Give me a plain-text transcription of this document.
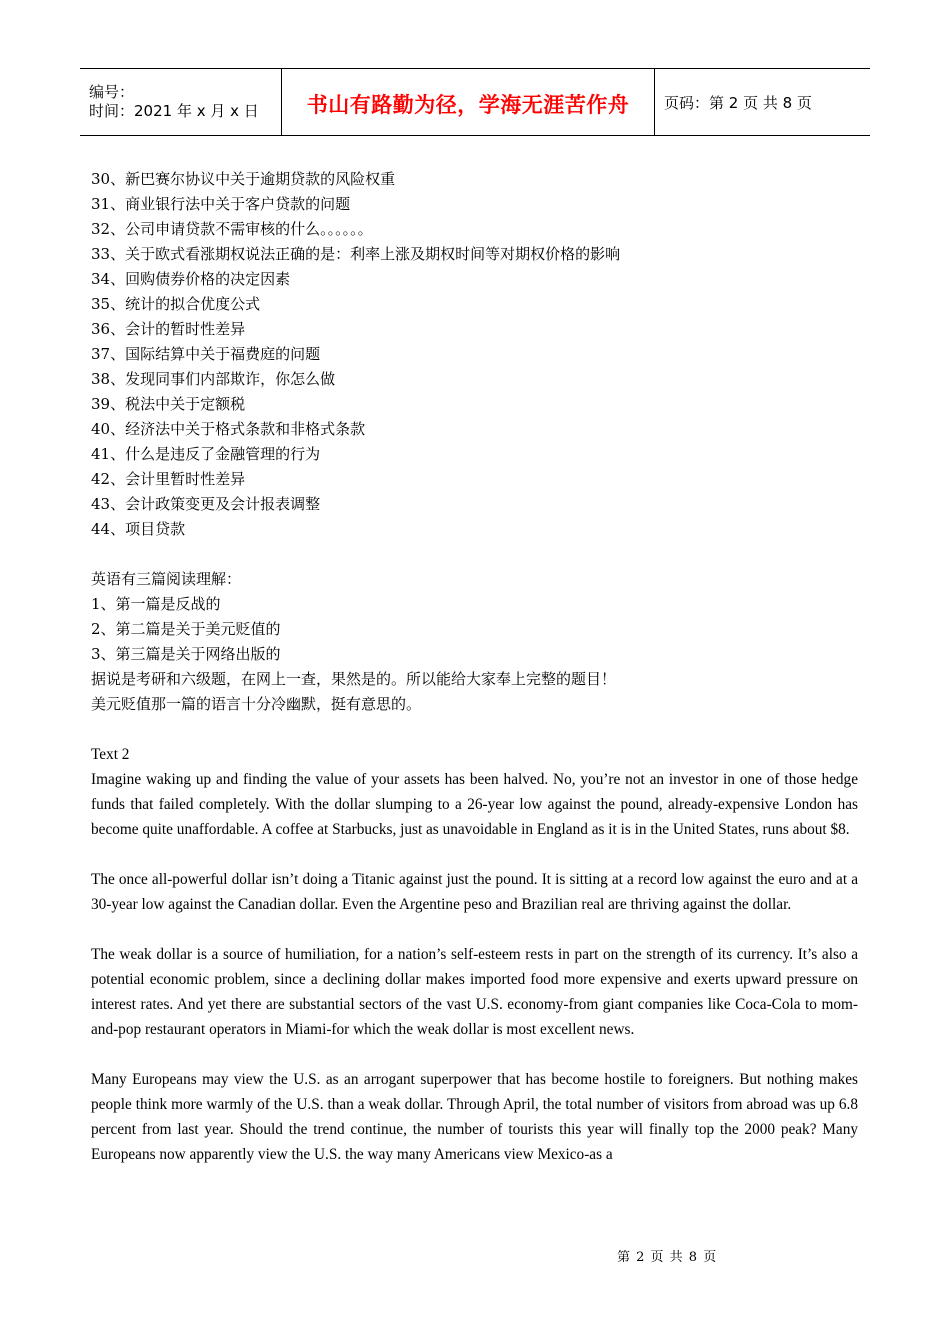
编号：
时间：2021 年 x 月 x 日	书山有路勤为径，学海无涯苦作舟 页码：第 2 页 共 8 页
30、新巴赛尔协议中关于逾期贷款的风险权重
31、商业银行法中关于客户贷款的问题
32、公司申请贷款不需审核的什么。。。。。。
33、关于欧式看涨期权说法正确的是：利率上涨及期权时间等对期权价格的影响
34、回购债券价格的决定因素
35、统计的拟合优度公式
36、会计的暂时性差异
37、国际结算中关于福费庭的问题
38、发现同事们内部欺诈，你怎么做
39、税法中关于定额税
40、经济法中关于格式条款和非格式条款
41、什么是违反了金融管理的行为
42、会计里暂时性差异
43、会计政策变更及会计报表调整
44、项目贷款
英语有三篇阅读理解：
1、第一篇是反战的
2、第二篇是关于美元贬值的
3、第三篇是关于网络出版的
据说是考研和六级题，在网上一查，果然是的。所以能给大家奉上完整的题目！
美元贬值那一篇的语言十分冷幽默，挺有意思的。
Text 2
Imagine waking up and finding the value of your assets has been halved. No, you’re not an investor in one of those hedge funds that failed completely. With the dollar slumping to a 26-year low against the pound, already-expensive London has become quite unaffordable. A coffee at Starbucks, just as unavoidable in England as it is in the United States, runs about $8.
The once all-powerful dollar isn’t doing a Titanic against just the pound. It is sitting at a record low against the euro and at a 30-year low against the Canadian dollar. Even the Argentine peso and Brazilian real are thriving against the dollar.
The weak dollar is a source of humiliation, for a nation’s self-esteem rests in part on the strength of its currency. It’s also a potential economic problem, since a declining dollar makes imported food more expensive and exerts upward pressure on interest rates. And yet there are substantial sectors of the vast U.S. economy-from giant companies like Coca-Cola to mom-and-pop restaurant operators in Miami-for which the weak dollar is most excellent news.
Many Europeans may view the U.S. as an arrogant superpower that has become hostile to foreigners. But nothing makes people think more warmly of the U.S. than a weak dollar. Through April, the total number of visitors from abroad was up 6.8 percent from last year. Should the trend continue, the number of tourists this year will finally top the 2000 peak? Many Europeans now apparently view the U.S. the way many Americans view Mexico-as a
第 2 页 共 8 页
